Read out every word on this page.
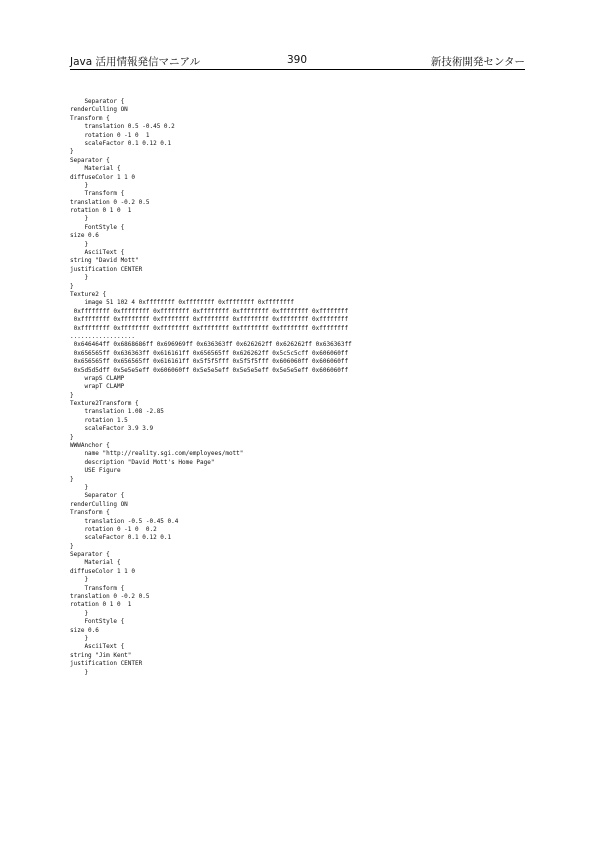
Java 活用情報発信マニアル	390	新技術開発センター
Separator {
renderCulling ON
Transform {
translation 0.5 -0.45 0.2
rotation 0 -1 0  1
scaleFactor 0.1 0.12 0.1
}
Separator {
Material {
diffuseColor 1 1 0
}
Transform {
translation 0 -0.2 0.5
rotation 0 1 0  1
}
FontStyle {
size 0.6
}
AsciiText {
string "David Mott"
justification CENTER
}
}
Texture2 {
image 51 102 4 0xffffffff 0xffffffff 0xffffffff 0xffffffff
0xffffffff 0xffffffff 0xffffffff 0xffffffff 0xffffffff 0xffffffff 0xffffffff
0xffffffff 0xffffffff 0xffffffff 0xffffffff 0xffffffff 0xffffffff 0xffffffff
0xffffffff 0xffffffff 0xffffffff 0xffffffff 0xffffffff 0xffffffff 0xffffffff
..................
0x646464ff 0x6868686ff 0x696969ff 0x636363ff 0x626262ff 0x626262ff 0x636363ff
0x656565ff 0x636363ff 0x616161ff 0x656565ff 0x626262ff 0x5c5c5cff 0x606060ff
0x656565ff 0x656565ff 0x616161ff 0x5f5f5fff 0x5f5f5fff 0x606060ff 0x606060ff
0x5d5d5dff 0x5e5e5eff 0x606060ff 0x5e5e5eff 0x5e5e5eff 0x5e5e5eff 0x606060ff
wrapS CLAMP
wrapT CLAMP
}
Texture2Transform {
translation 1.08 -2.85
rotation 1.5
scaleFactor 3.9 3.9
}
WWWAnchor {
name "http://reality.sgi.com/employees/mott"
description "David Mott's Home Page"
USE Figure
}
}
Separator {
renderCulling ON
Transform {
translation -0.5 -0.45 0.4
rotation 0 -1 0  0.2
scaleFactor 0.1 0.12 0.1
}
Separator {
Material {
diffuseColor 1 1 0
}
Transform {
translation 0 -0.2 0.5
rotation 0 1 0  1
}
FontStyle {
size 0.6
}
AsciiText {
string "Jim Kent"
justification CENTER
}
